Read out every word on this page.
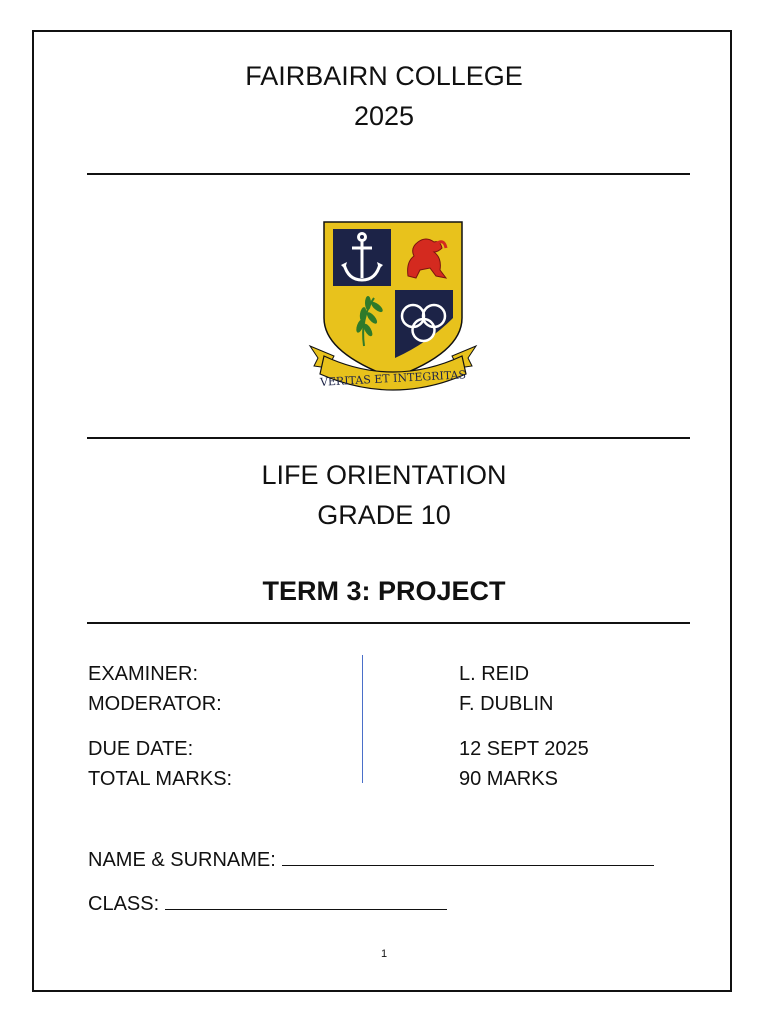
FAIRBAIRN COLLEGE
2025
VERITAS ET INTEGRITAS
LIFE ORIENTATION
GRADE 10
TERM 3: PROJECT
EXAMINER:	L. REID
MODERATOR:	F. DUBLIN
DUE DATE:	12 SEPT 2025
TOTAL MARKS:	90 MARKS
NAME & SURNAME:
CLASS:
1
